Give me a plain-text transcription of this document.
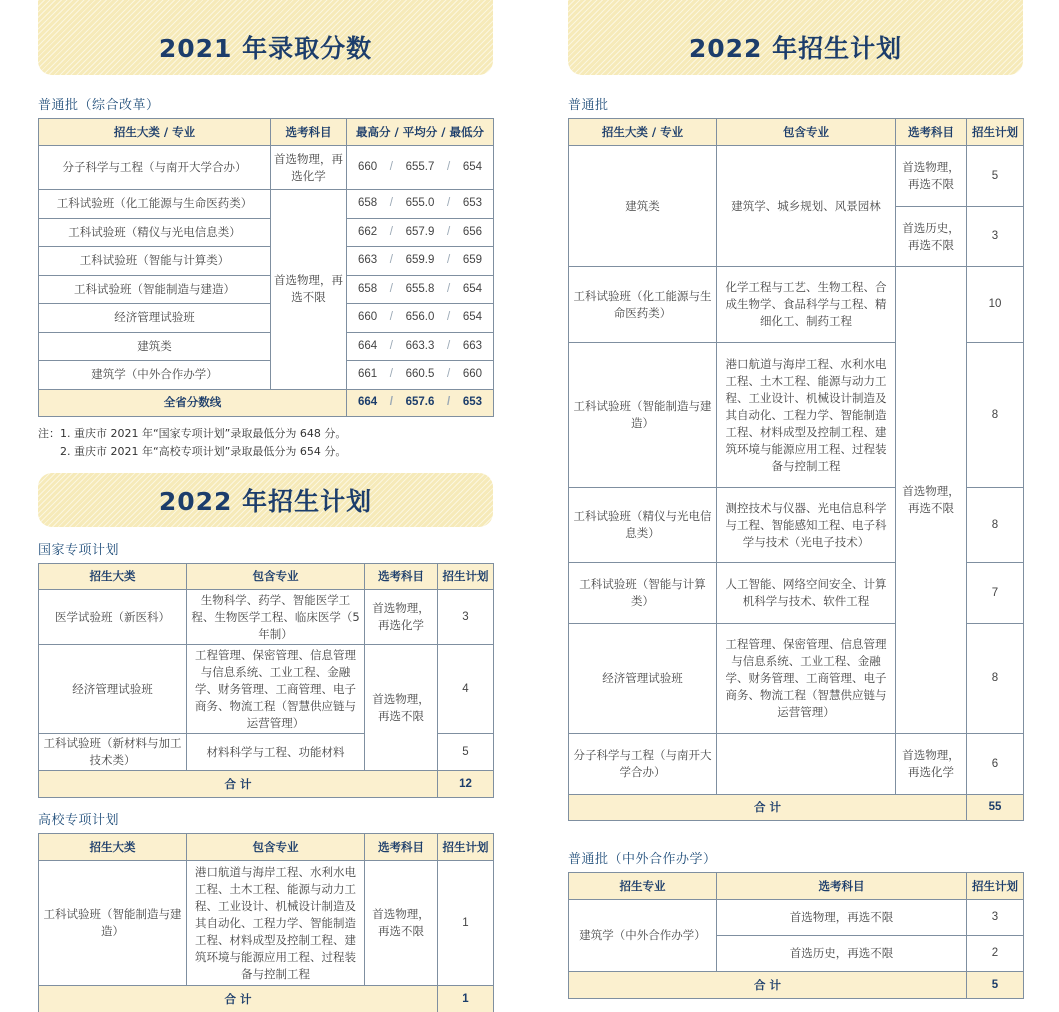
2021 年录取分数
普通批（综合改革）
招生大类 / 专业	选考科目	最高分 / 平均分 / 最低分
分子科学与工程（与南开大学合办）	首选物理，再选化学	660 / 655.7 / 654

工科试验班（化工能源与生命医药类）	首选物理，再选不限	658 / 655.0 / 653

工科试验班（精仪与光电信息类）		662 / 657.9 / 656

工科试验班（智能与计算类）		663 / 659.9 / 659

工科试验班（智能制造与建造）		658 / 655.8 / 654

经济管理试验班		660 / 656.0 / 654

建筑类		664 / 663.3 / 663

建筑学（中外合作办学）		661 / 660.5 / 660

全省分数线		664 / 657.6 / 653
注：1. 重庆市 2021 年“国家专项计划”录取最低分为 648 分。
2. 重庆市 2021 年“高校专项计划”录取最低分为 654 分。
2022 年招生计划
国家专项计划
招生大类	包含专业	选考科目	招生计划
医学试验班（新医科）	生物科学、药学、智能医学工程、生物医学工程、临床医学（5 年制）	首选物理，再选化学	3
经济管理试验班	工程管理、保密管理、信息管理与信息系统、工业工程、金融学、财务管理、工商管理、电子商务、物流工程（智慧供应链与运营管理）	首选物理，再选不限	4
工科试验班（新材料与加工技术类）	材料科学与工程、功能材料		5
合 计			12
高校专项计划
招生大类	包含专业	选考科目	招生计划
工科试验班（智能制造与建造）	港口航道与海岸工程、水利水电工程、土木工程、能源与动力工程、工业设计、机械设计制造及其自动化、工程力学、智能制造工程、材料成型及控制工程、建筑环境与能源应用工程、过程装备与控制工程	首选物理，再选不限	1
合 计			1
2022 年招生计划
普通批
招生大类 / 专业	包含专业	选考科目	招生计划
建筑类	建筑学、城乡规划、风景园林	首选物理，再选不限	5
		首选历史，再选不限	3
工科试验班（化工能源与生命医药类）	化学工程与工艺、生物工程、合成生物学、食品科学与工程、精细化工、制药工程	首选物理，再选不限	10
工科试验班（智能制造与建造）	港口航道与海岸工程、水利水电工程、土木工程、能源与动力工程、工业设计、机械设计制造及其自动化、工程力学、智能制造工程、材料成型及控制工程、建筑环境与能源应用工程、过程装备与控制工程		8
工科试验班（精仪与光电信息类）	测控技术与仪器、光电信息科学与工程、智能感知工程、电子科学与技术（光电子技术）		8
工科试验班（智能与计算类）	人工智能、网络空间安全、计算机科学与技术、软件工程		7
经济管理试验班	工程管理、保密管理、信息管理与信息系统、工业工程、金融学、财务管理、工商管理、电子商务、物流工程（智慧供应链与运营管理）		8
分子科学与工程（与南开大学合办）		首选物理，再选化学	6
合 计			55
普通批（中外合作办学）
招生专业	选考科目	招生计划
建筑学（中外合作办学）	首选物理，再选不限	3
	首选历史，再选不限	2
合 计		5
